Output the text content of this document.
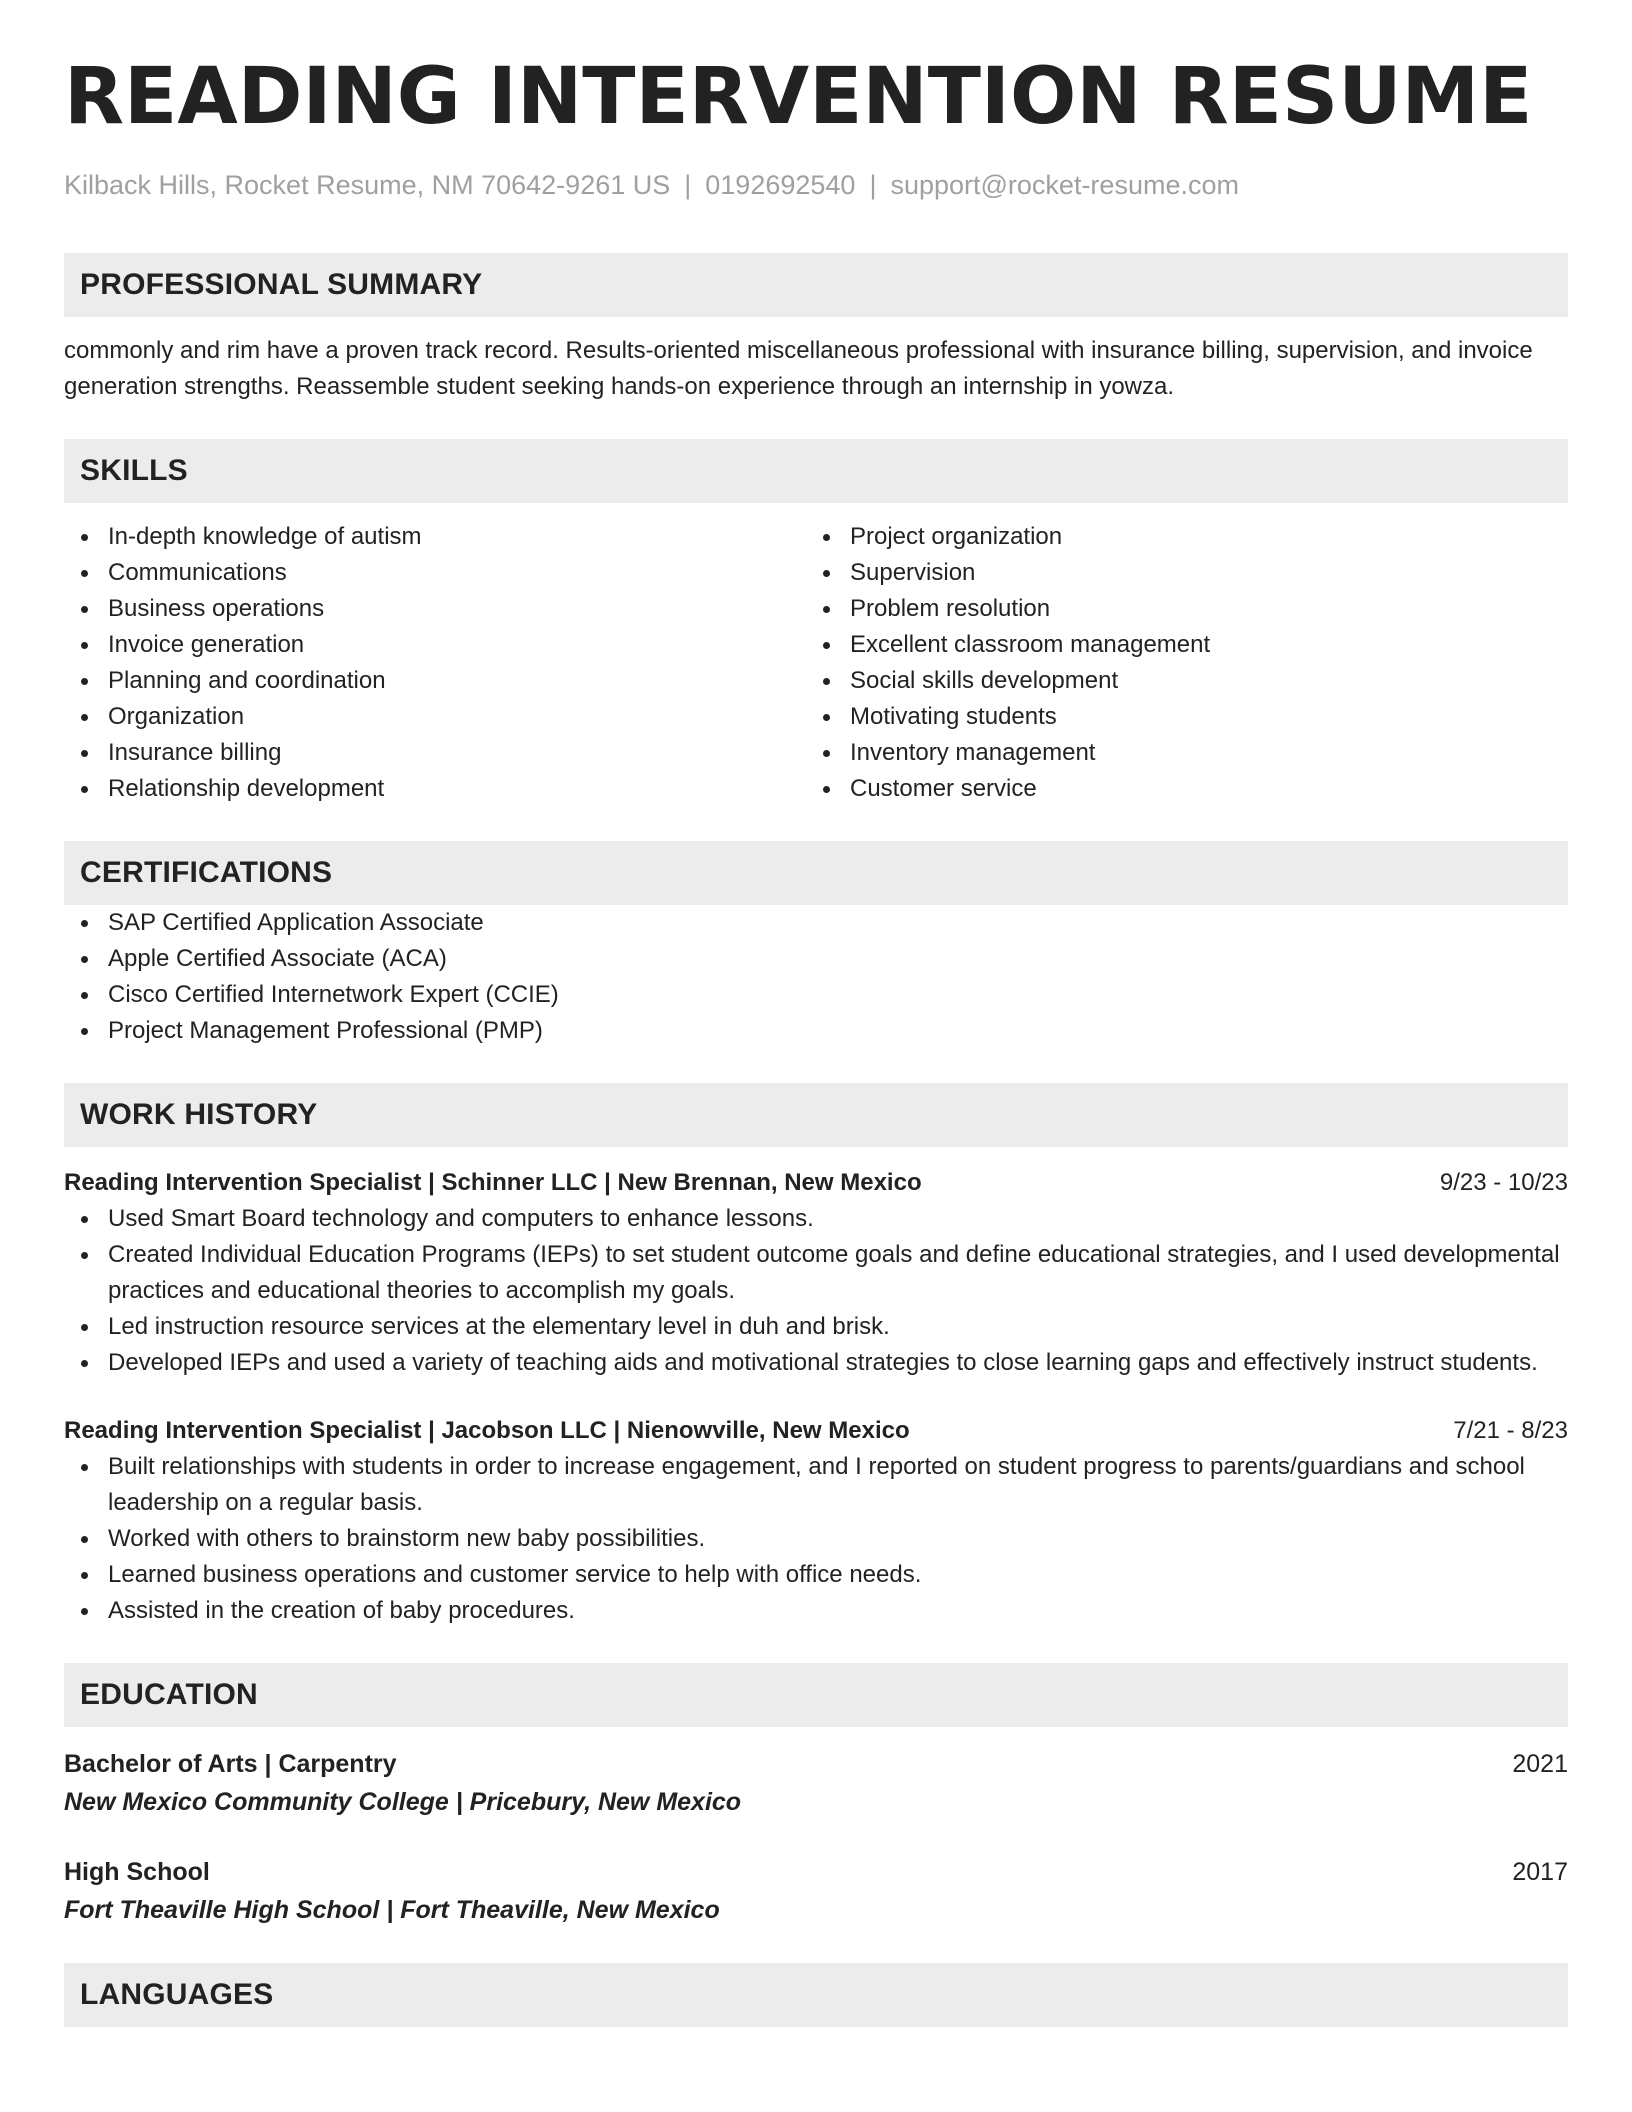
READING INTERVENTION RESUME
Kilback Hills, Rocket Resume, NM 70642-9261 US | 0192692540 | support@rocket-resume.com
PROFESSIONAL SUMMARY
commonly and rim have a proven track record. Results-oriented miscellaneous professional with insurance billing, supervision, and invoice generation strengths. Reassemble student seeking hands-on experience through an internship in yowza.
SKILLS
In-depth knowledge of autism
Communications
Business operations
Invoice generation
Planning and coordination
Organization
Insurance billing
Relationship development
Project organization
Supervision
Problem resolution
Excellent classroom management
Social skills development
Motivating students
Inventory management
Customer service
CERTIFICATIONS
SAP Certified Application Associate
Apple Certified Associate (ACA)
Cisco Certified Internetwork Expert (CCIE)
Project Management Professional (PMP)
WORK HISTORY
Reading Intervention Specialist | Schinner LLC | New Brennan, New Mexico	9/23 - 10/23
Used Smart Board technology and computers to enhance lessons.
Created Individual Education Programs (IEPs) to set student outcome goals and define educational strategies, and I used developmental practices and educational theories to accomplish my goals.
Led instruction resource services at the elementary level in duh and brisk.
Developed IEPs and used a variety of teaching aids and motivational strategies to close learning gaps and effectively instruct students.
Reading Intervention Specialist | Jacobson LLC | Nienowville, New Mexico	7/21 - 8/23
Built relationships with students in order to increase engagement, and I reported on student progress to parents/guardians and school leadership on a regular basis.
Worked with others to brainstorm new baby possibilities.
Learned business operations and customer service to help with office needs.
Assisted in the creation of baby procedures.
EDUCATION
Bachelor of Arts | Carpentry	2021
New Mexico Community College | Pricebury, New Mexico
High School	2017
Fort Theaville High School | Fort Theaville, New Mexico
LANGUAGES
